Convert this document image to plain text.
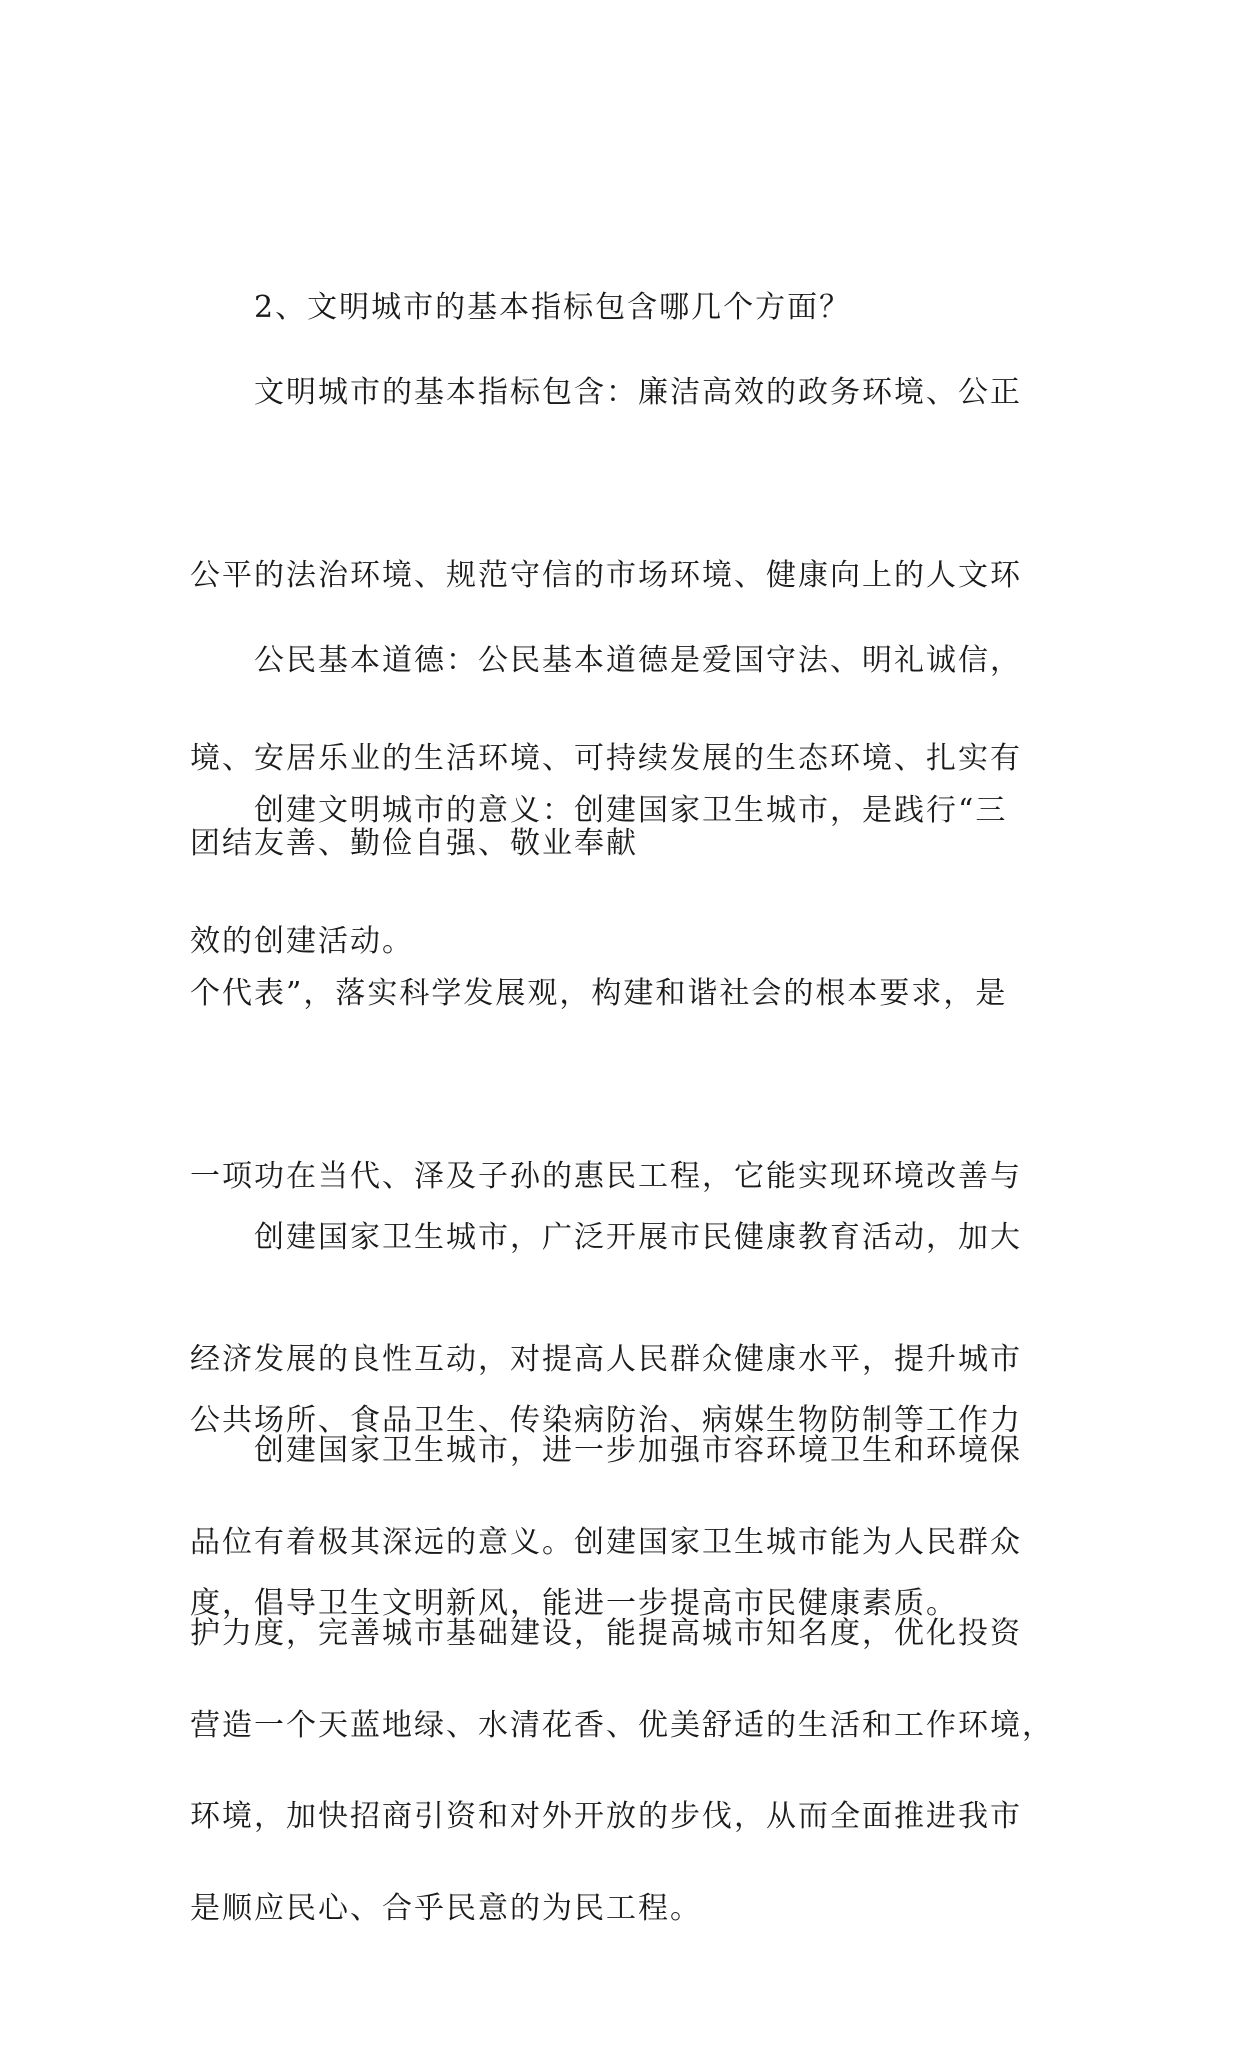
2、文明城市的基本指标包含哪几个方面？

文明城市的基本指标包含：廉洁高效的政务环境、公正

公平的法治环境、规范守信的市场环境、健康向上的人文环

境、安居乐业的生活环境、可持续发展的生态环境、扎实有

效的创建活动。

公民基本道德：公民基本道德是爱国守法、明礼诚信，

团结友善、勤俭自强、敬业奉献

创建文明城市的意义：创建国家卫生城市，是践行“三

个代表”，落实科学发展观，构建和谐社会的根本要求，是

一项功在当代、泽及子孙的惠民工程，它能实现环境改善与

经济发展的良性互动，对提高人民群众健康水平，提升城市

品位有着极其深远的意义。创建国家卫生城市能为人民群众

营造一个天蓝地绿、水清花香、优美舒适的生活和工作环境，

是顺应民心、合乎民意的为民工程。

创建国家卫生城市，广泛开展市民健康教育活动，加大

公共场所、食品卫生、传染病防治、病媒生物防制等工作力

度，倡导卫生文明新风，能进一步提高市民健康素质。

创建国家卫生城市，进一步加强市容环境卫生和环境保

护力度，完善城市基础建设，能提高城市知名度，优化投资

环境，加快招商引资和对外开放的步伐，从而全面推进我市
